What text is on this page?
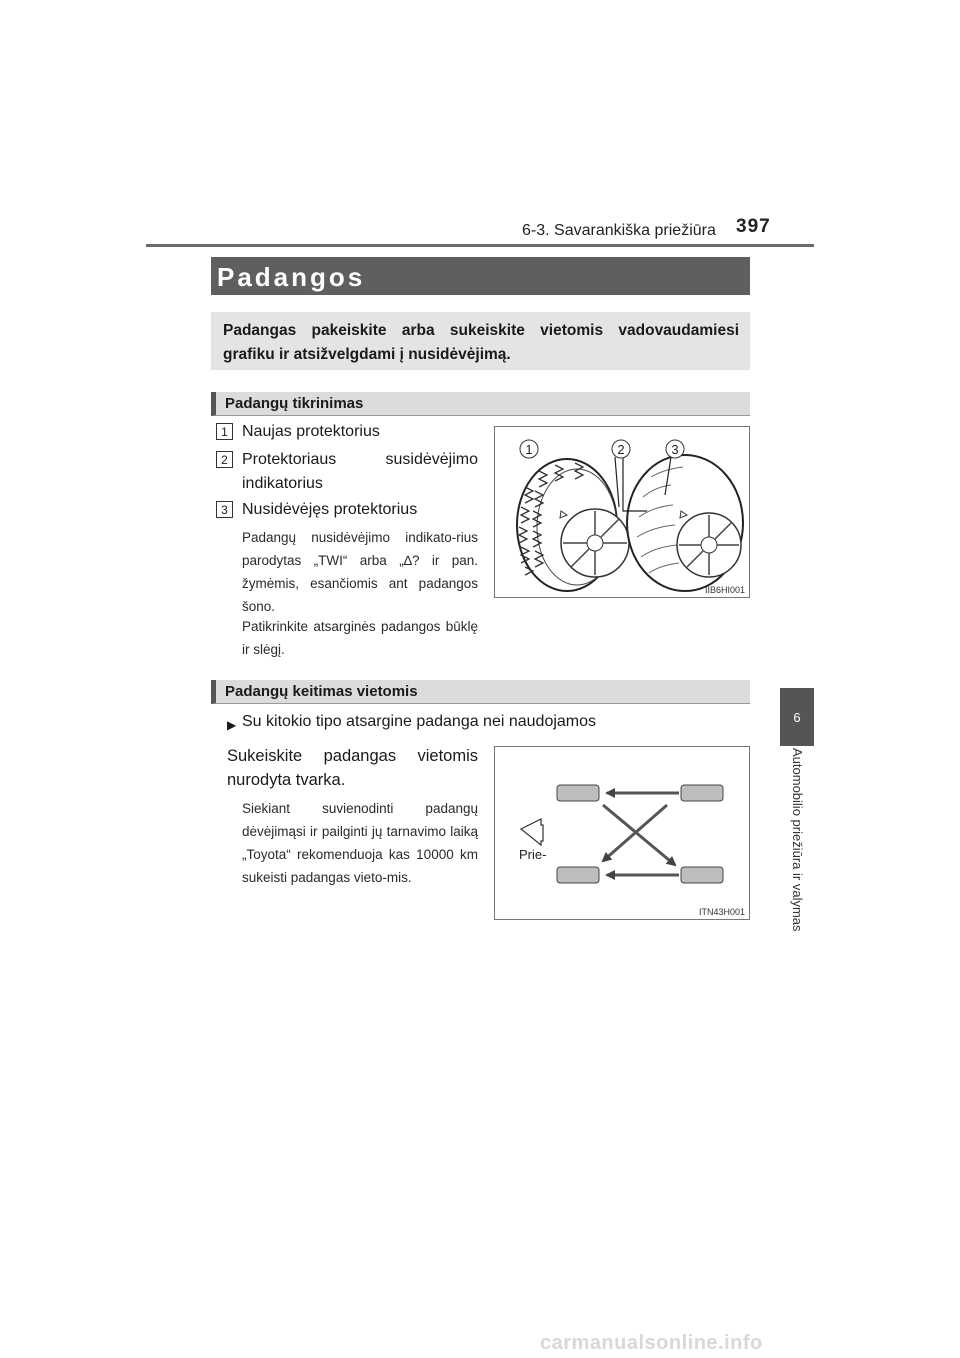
6-3. Savarankiška priežiūra 397
6
Automobilio priežiūra ir valymas
Padangos

Padangas pakeiskite arba sukeiskite vietomis vadovaudamiesi grafiku ir atsižvelgdami į nusidėvėjimą.

Padangų tikrinimas
1 Naujas protektorius
2 Protektoriaus susidėvėjimo
indikatorius
3 Nusidėvėjęs protektorius
Padangų nusidėvėjimo indikato-rius parodytas „TWI“ arba „∆? ir pan. žymėmis, esančiomis ant padangos šono.
Patikrinkite atsarginės padangos būklę ir slėgį.
1	2	3
IIB6HI001
Padangų keitimas vietomis
▶ Su kitokio tipo atsargine padanga nei naudojamos
Sukeiskite padangas vietomis
nurodyta tvarka.
Siekiant suvienodinti padangų dėvėjimąsi ir pailginti jų tarnavimo laiką „Toyota“ rekomenduoja kas 10000 km sukeisti padangas vieto-mis.
Prie-
ITN43H001
carmanualsonline.info
